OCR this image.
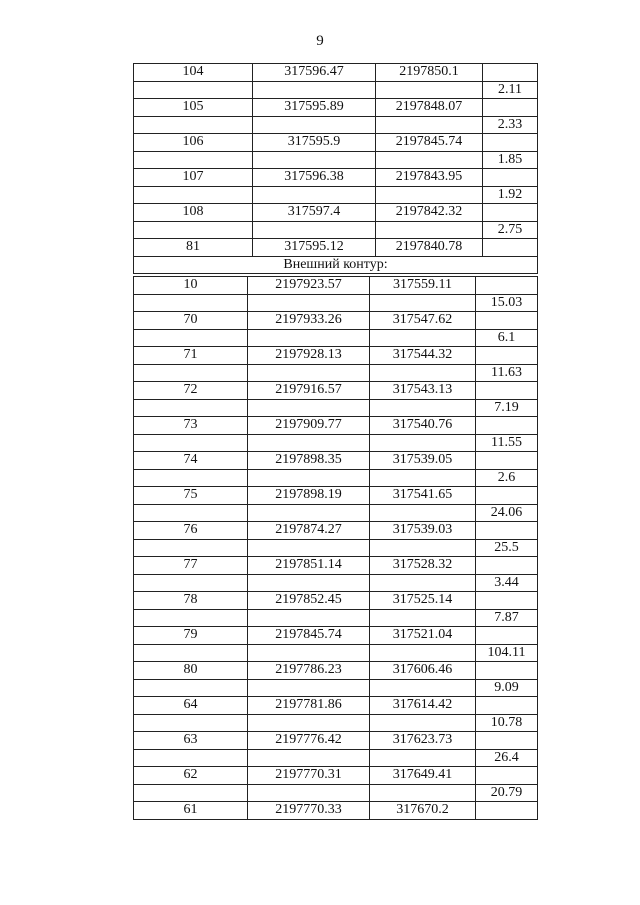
9
104	317596.47	2197850.1	
			2.11
105	317595.89	2197848.07	
			2.33
106	317595.9	2197845.74	
			1.85
107	317596.38	2197843.95	
			1.92
108	317597.4	2197842.32	
			2.75
81	317595.12	2197840.78	
Внешний контур:			
10	2197923.57	317559.11	
			15.03
70	2197933.26	317547.62	
			6.1
71	2197928.13	317544.32	
			11.63
72	2197916.57	317543.13	
			7.19
73	2197909.77	317540.76	
			11.55
74	2197898.35	317539.05	
			2.6
75	2197898.19	317541.65	
			24.06
76	2197874.27	317539.03	
			25.5
77	2197851.14	317528.32	
			3.44
78	2197852.45	317525.14	
			7.87
79	2197845.74	317521.04	
			104.11
80	2197786.23	317606.46	
			9.09
64	2197781.86	317614.42	
			10.78
63	2197776.42	317623.73	
			26.4
62	2197770.31	317649.41	
			20.79
61	2197770.33	317670.2	
